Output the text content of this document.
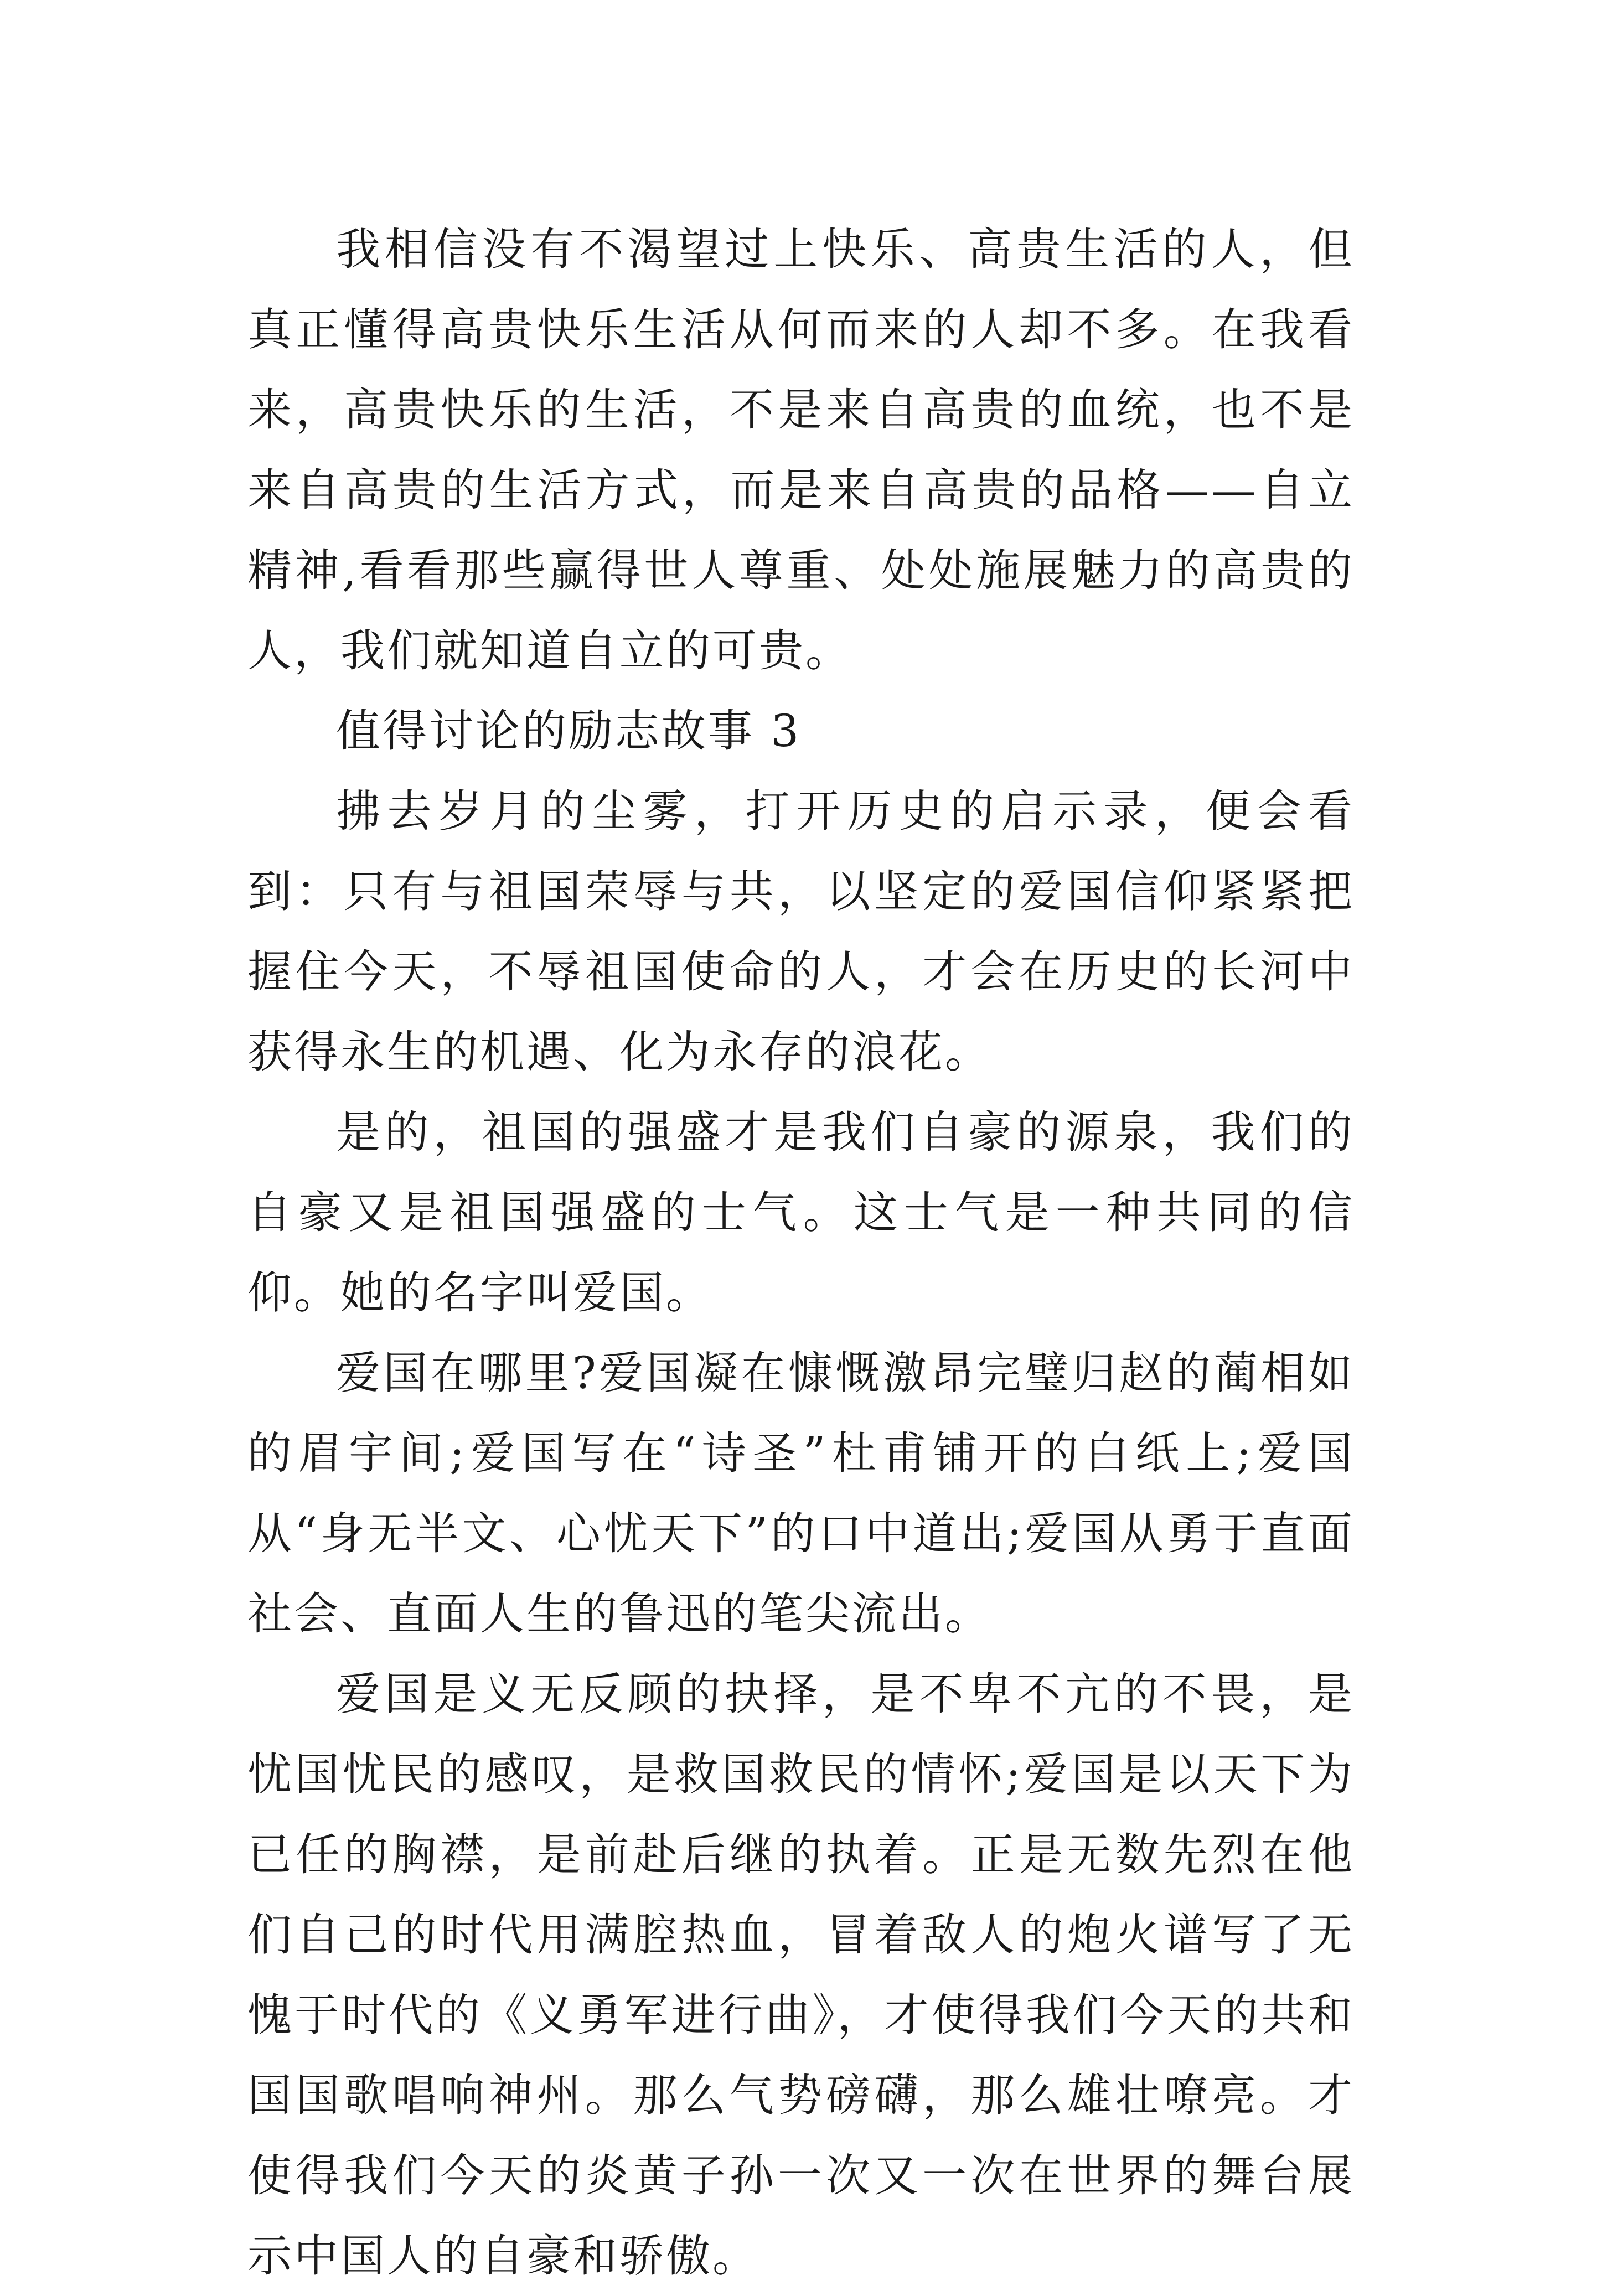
我相信没有不渴望过上快乐、高贵生活的人，但真正懂得高贵快乐生活从何而来的人却不多。在我看来，高贵快乐的生活，不是来自高贵的血统，也不是来自高贵的生活方式，而是来自高贵的品格——自立精神,看看那些赢得世人尊重、处处施展魅力的高贵的人，我们就知道自立的可贵。

值得讨论的励志故事 3

拂去岁月的尘雾，打开历史的启示录，便会看到：只有与祖国荣辱与共，以坚定的爱国信仰紧紧把握住今天，不辱祖国使命的人，才会在历史的长河中获得永生的机遇、化为永存的浪花。

是的，祖国的强盛才是我们自豪的源泉，我们的自豪又是祖国强盛的士气。这士气是一种共同的信仰。她的名字叫爱国。

爱国在哪里?爱国凝在慷慨激昂完璧归赵的蔺相如的眉宇间;爱国写在“诗圣”杜甫铺开的白纸上;爱国从“身无半文、心忧天下”的口中道出;爱国从勇于直面社会、直面人生的鲁迅的笔尖流出。

爱国是义无反顾的抉择，是不卑不亢的不畏，是忧国忧民的感叹，是救国救民的情怀;爱国是以天下为已任的胸襟，是前赴后继的执着。正是无数先烈在他们自己的时代用满腔热血，冒着敌人的炮火谱写了无愧于时代的《义勇军进行曲》，才使得我们今天的共和国国歌唱响神州。那么气势磅礴，那么雄壮嘹亮。才使得我们今天的炎黄子孙一次又一次在世界的舞台展示中国人的自豪和骄傲。
